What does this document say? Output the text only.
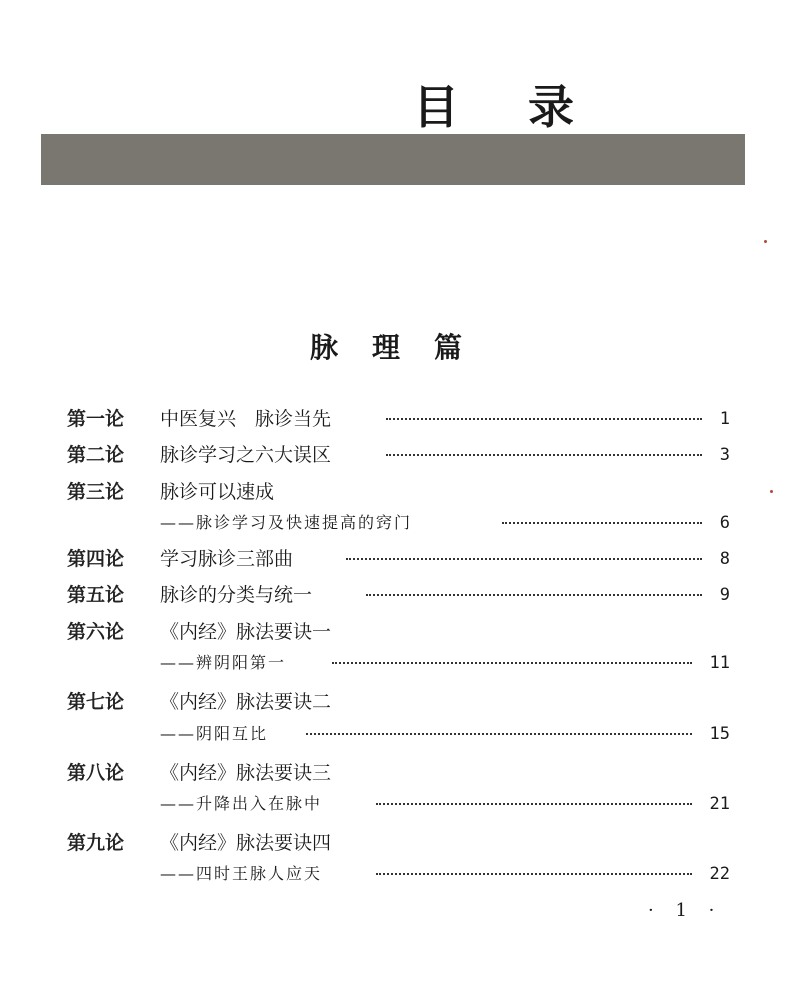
目 录
脉 理 篇
第一论 中医复兴　脉诊当先	1
第二论 脉诊学习之六大误区	3
第三论 脉诊可以速成
——脉诊学习及快速提高的窍门	6
第四论 学习脉诊三部曲	8
第五论 脉诊的分类与统一	9
第六论 《内经》脉法要诀一
——辨阴阳第一	11
第七论 《内经》脉法要诀二
——阴阳互比	15
第八论 《内经》脉法要诀三
——升降出入在脉中	21
第九论 《内经》脉法要诀四
——四时王脉人应天	22
· 1 ·
